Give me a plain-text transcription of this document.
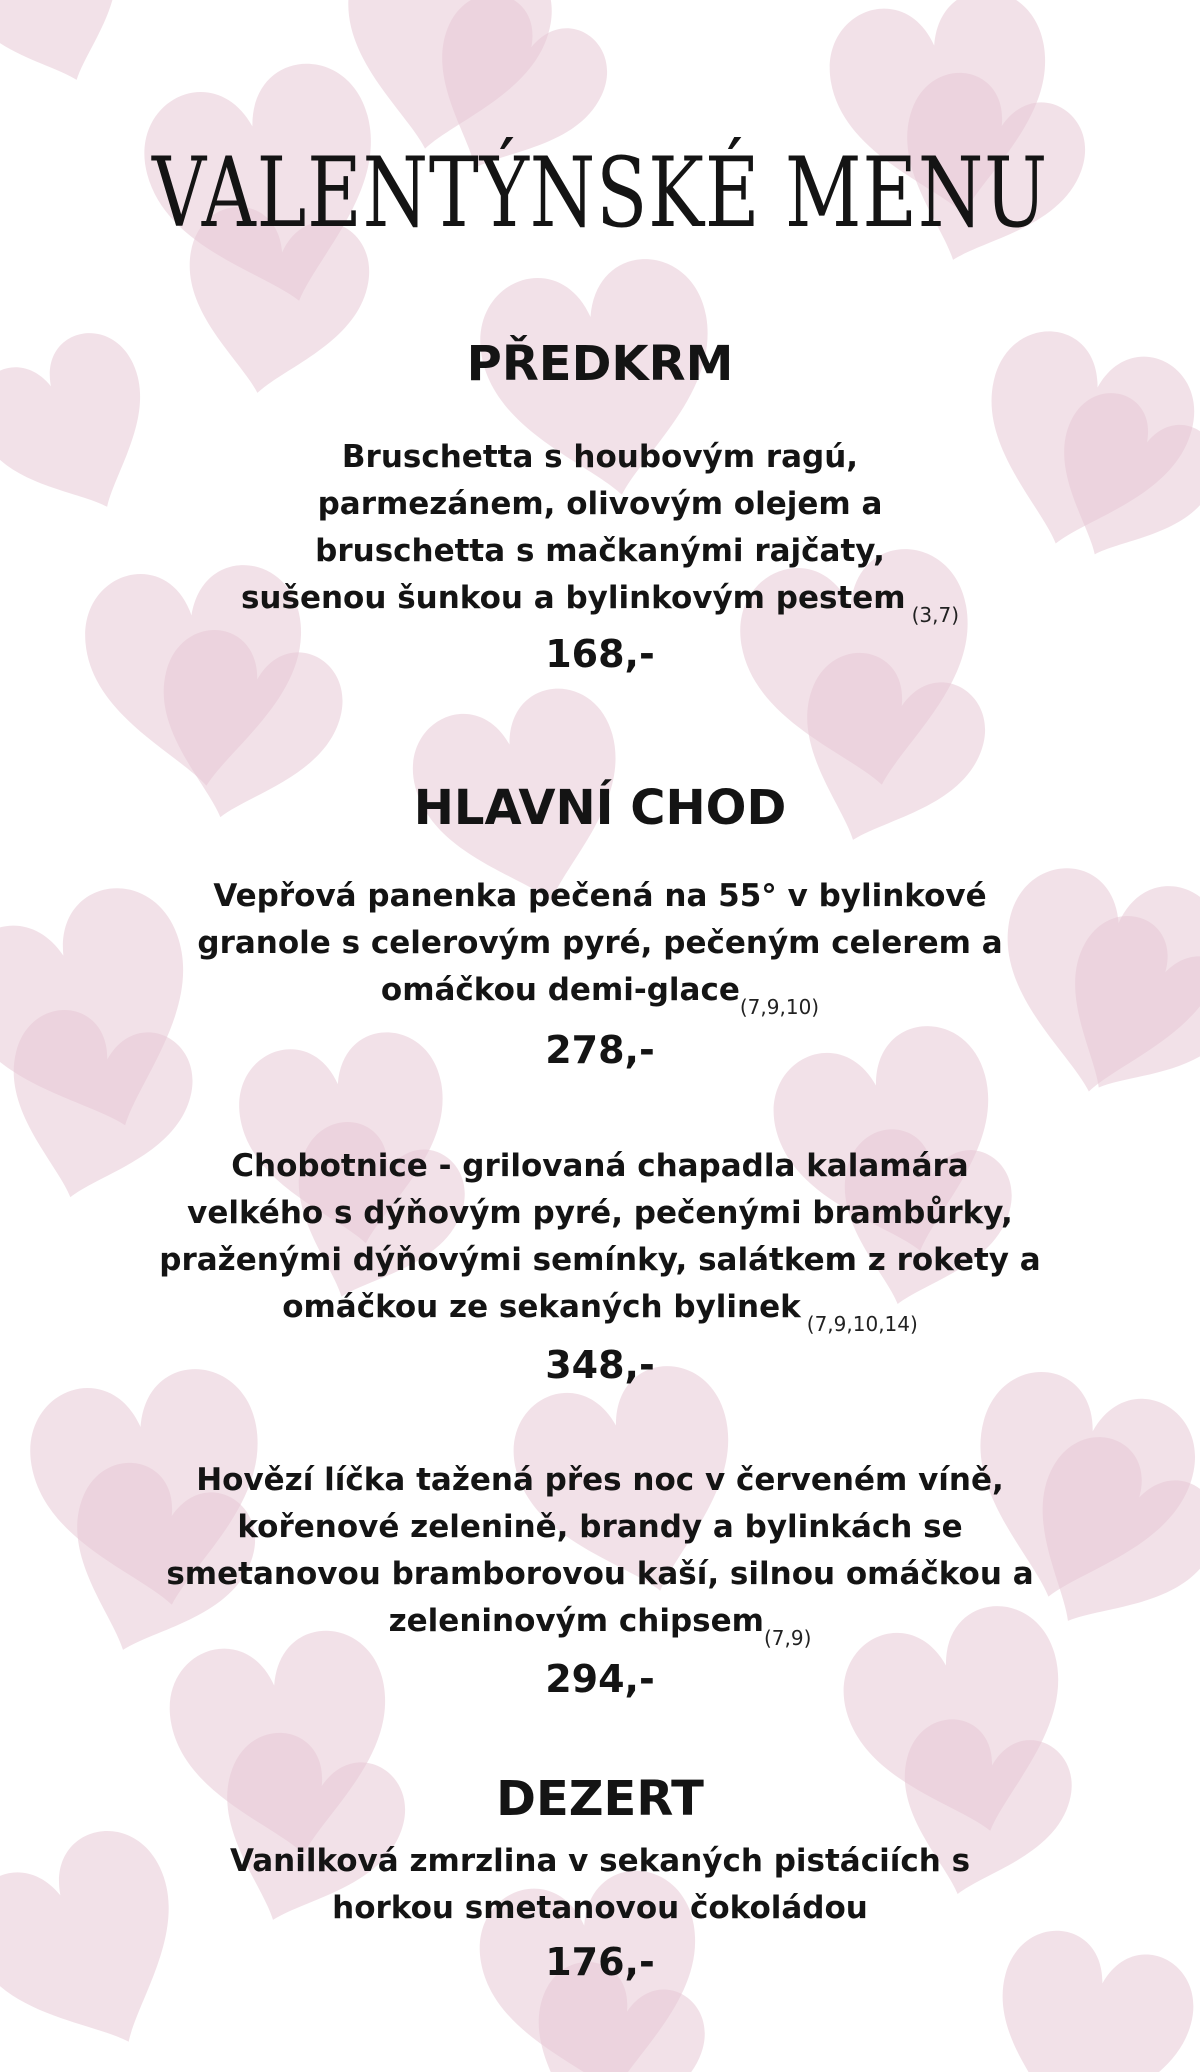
VALENTÝNSKÉ MENU
PŘEDKRM
Bruschetta s houbovým ragú,
parmezánem, olivovým olejem a
bruschetta s mačkanými rajčaty,
sušenou šunkou a bylinkovým pestem $_{(3,7)}$
168,-
HLAVNÍ CHOD
Vepřová panenka pečená na 55° v bylinkové
granole s celerovým pyré, pečeným celerem a
omáčkou demi-glace$_{(7,9,10)}$
278,-
Chobotnice - grilovaná chapadla kalamára
velkého s dýňovým pyré, pečenými brambůrky,
praženými dýňovými semínky, salátkem z rokety a
omáčkou ze sekaných bylinek $_{(7,9,10,14)}$
348,-
Hovězí líčka tažená přes noc v červeném víně,
kořenové zelenině, brandy a bylinkách se
smetanovou bramborovou kaší, silnou omáčkou a
zeleninovým chipsem$_{(7,9)}$
294,-
DEZERT
Vanilková zmrzlina v sekaných pistáciích s
horkou smetanovou čokoládou
176,-
